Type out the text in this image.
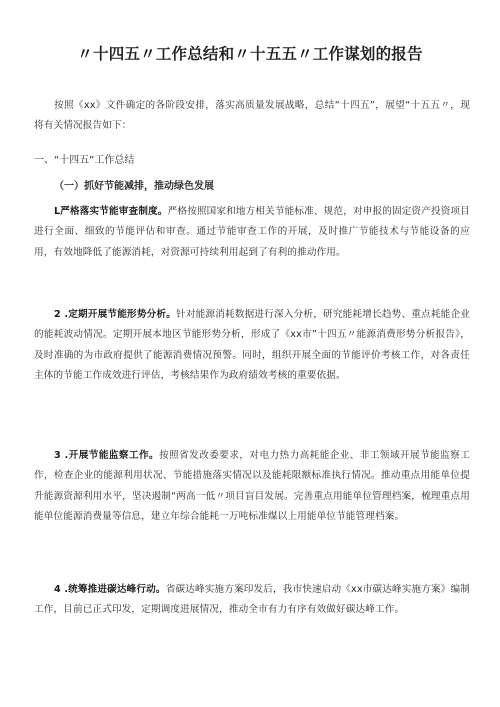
〃十四五〃工作总结和〃十五五〃工作谋划的报告

按照《xx》文件确定的各阶段安排，落实高质量发展战略，总结“十四五”，展望“十五五〃，现将有关情况报告如下：

一、“十四五”工作总结
（一）抓好节能减排，推动绿色发展

L严格落实节能审查制度。严格按照国家和地方相关节能标准、规范，对申报的固定资产投资项目进行全面、细致的节能评估和审查。通过节能审查工作的开展，及时推广节能技术与节能设备的应用，有效地降低了能源消耗，对资源可持续利用起到了有利的推动作用。

2 .定期开展节能形势分析。针对能源消耗数据进行深入分析，研究能耗增长趋势、重点耗能企业的能耗波动情况。定期开展本地区节能形势分析，形成了《xx市”十四五〃能源消费形势分析报告》，及时准确的为市政府提供了能源消费情况预警。同时，组织开展全面的节能评价考核工作，对各责任主体的节能工作成效进行评估，考核结果作为政府绩效考核的重要依据。

3 .开展节能监察工作。按照省发改委要求，对电力热力高耗能企业、非工领域开展节能监察工作，检查企业的能源利用状况、节能措施落实情况以及能耗限额标准执行情况。推动重点用能单位提升能源资源利用水平，坚决遏制“两高一低〃项目盲目发展。完善重点用能单位管理档案，梳理重点用能单位能源消费量等信息，建立年综合能耗一万吨标准煤以上用能单位节能管理档案。

4 .统筹推进碳达峰行动。省碳达峰实施方案印发后，我市快速启动《xx市碳达峰实施方案》编制工作，目前已正式印发，定期调度进展情况，推动全市有力有序有效做好碳达峰工作。
